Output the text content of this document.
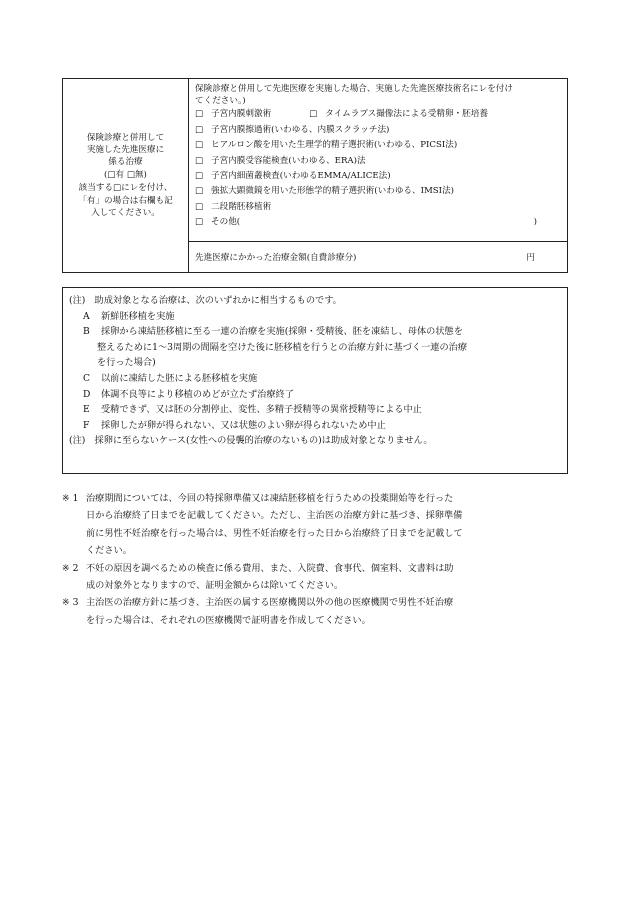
保険診療と併用して
実施した先進医療に
係る治療
(□有 □無)
該当する□にレを付け、
「有」の場合は右欄も記
入してください。
保険診療と併用して先進医療を実施した場合、実施した先進医療技術名にレを付け
てください。)
□ 子宮内膜刺激術	□ タイムラプス撮像法による受精卵・胚培養
□ 子宮内膜擦過術(いわゆる、内膜スクラッチ法)
□ ヒアルロン酸を用いた生理学的精子選択術(いわゆる、PICSI法)
□ 子宮内膜受容能検査(いわゆる、ERA)法
□ 子宮内細菌叢検査(いわゆるEMMA/ALICE法)
□ 強拡大顕微鏡を用いた形態学的精子選択術(いわゆる、IMSI法)
□ 二段階胚移植術
□ その他(	)
先進医療にかかった治療金額(自費診療分)	円
(注)　 助成対象となる治療は、次のいずれかに相当するものです。
A 新鮮胚移植を実施
B 採卵から凍結胚移植に至る一連の治療を実施(採卵・受精後、胚を凍結し、母体の状態を
整えるために1～3周期の間隔を空けた後に胚移植を行うとの治療方針に基づく一連の治療
を行った場合)
C 以前に凍結した胚による胚移植を実施
D 体調不良等により移植のめどが立たず治療終了
E 受精できず、又は胚の分割停止、変性、多精子授精等の異常授精等による中止
F 採卵したが卵が得られない、又は状態のよい卵が得られないため中止
(注)　採卵に至らないケース(女性への侵襲的治療のないもの)は助成対象となりません。
※ 1 治療期間については、今回の特採卵準備又は凍結胚移植を行うための投薬開始等を行った
日から治療終了日までを記載してください。ただし、主治医の治療方針に基づき、採卵準備
前に男性不妊治療を行った場合は、男性不妊治療を行った日から治療終了日までを記載して
ください。
※ 2 不妊の原因を調べるための検査に係る費用、また、入院費、食事代、個室料、文書料は助
成の対象外となりますので、証明金額からは除いてください。
※ 3 主治医の治療方針に基づき、主治医の属する医療機関以外の他の医療機関で男性不妊治療
を行った場合は、それぞれの医療機関で証明書を作成してください。
